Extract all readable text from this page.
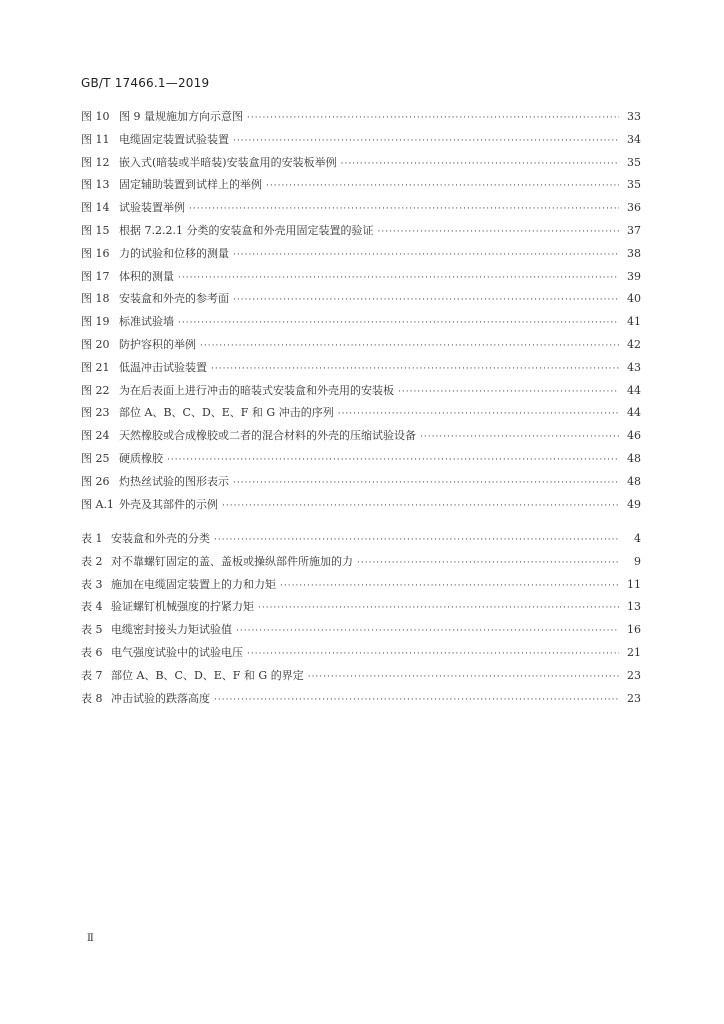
GB/T 17466.1—2019
图 10 图 9 量规施加方向示意图 ·····	33
图 11 电缆固定装置试验装置 ·····	34
图 12 嵌入式(暗装或半暗装)安装盒用的安装板举例 ·····	35
图 13 固定辅助装置到试样上的举例 ·····	35
图 14 试验装置举例 ·····	36
图 15 根据 7.2.2.1 分类的安装盒和外壳用固定装置的验证 ·····	37
图 16 力的试验和位移的测量 ·····	38
图 17 体积的测量 ·····	39
图 18 安装盒和外壳的参考面 ·····	40
图 19 标准试验墙 ·····	41
图 20 防护容积的举例 ·····	42
图 21 低温冲击试验装置 ·····	43
图 22 为在后表面上进行冲击的暗装式安装盒和外壳用的安装板 ·····	44
图 23 部位 A、B、C、D、E、F 和 G 冲击的序列 ·····	44
图 24 天然橡胶或合成橡胶或二者的混合材料的外壳的压缩试验设备 ·····	46
图 25 硬质橡胶 ·····	48
图 26 灼热丝试验的图形表示 ·····	48
图 A.1 外壳及其部件的示例 ·····	49
表 1 安装盒和外壳的分类 ·····	4
表 2 对不靠螺钉固定的盖、盖板或操纵部件所施加的力 ·····	9
表 3 施加在电缆固定装置上的力和力矩 ·····	11
表 4 验证螺钉机械强度的拧紧力矩 ·····	13
表 5 电缆密封接头力矩试验值 ·····	16
表 6 电气强度试验中的试验电压 ·····	21
表 7 部位 A、B、C、D、E、F 和 G 的界定 ·····	23
表 8 冲击试验的跌落高度 ·····	23
Ⅱ
